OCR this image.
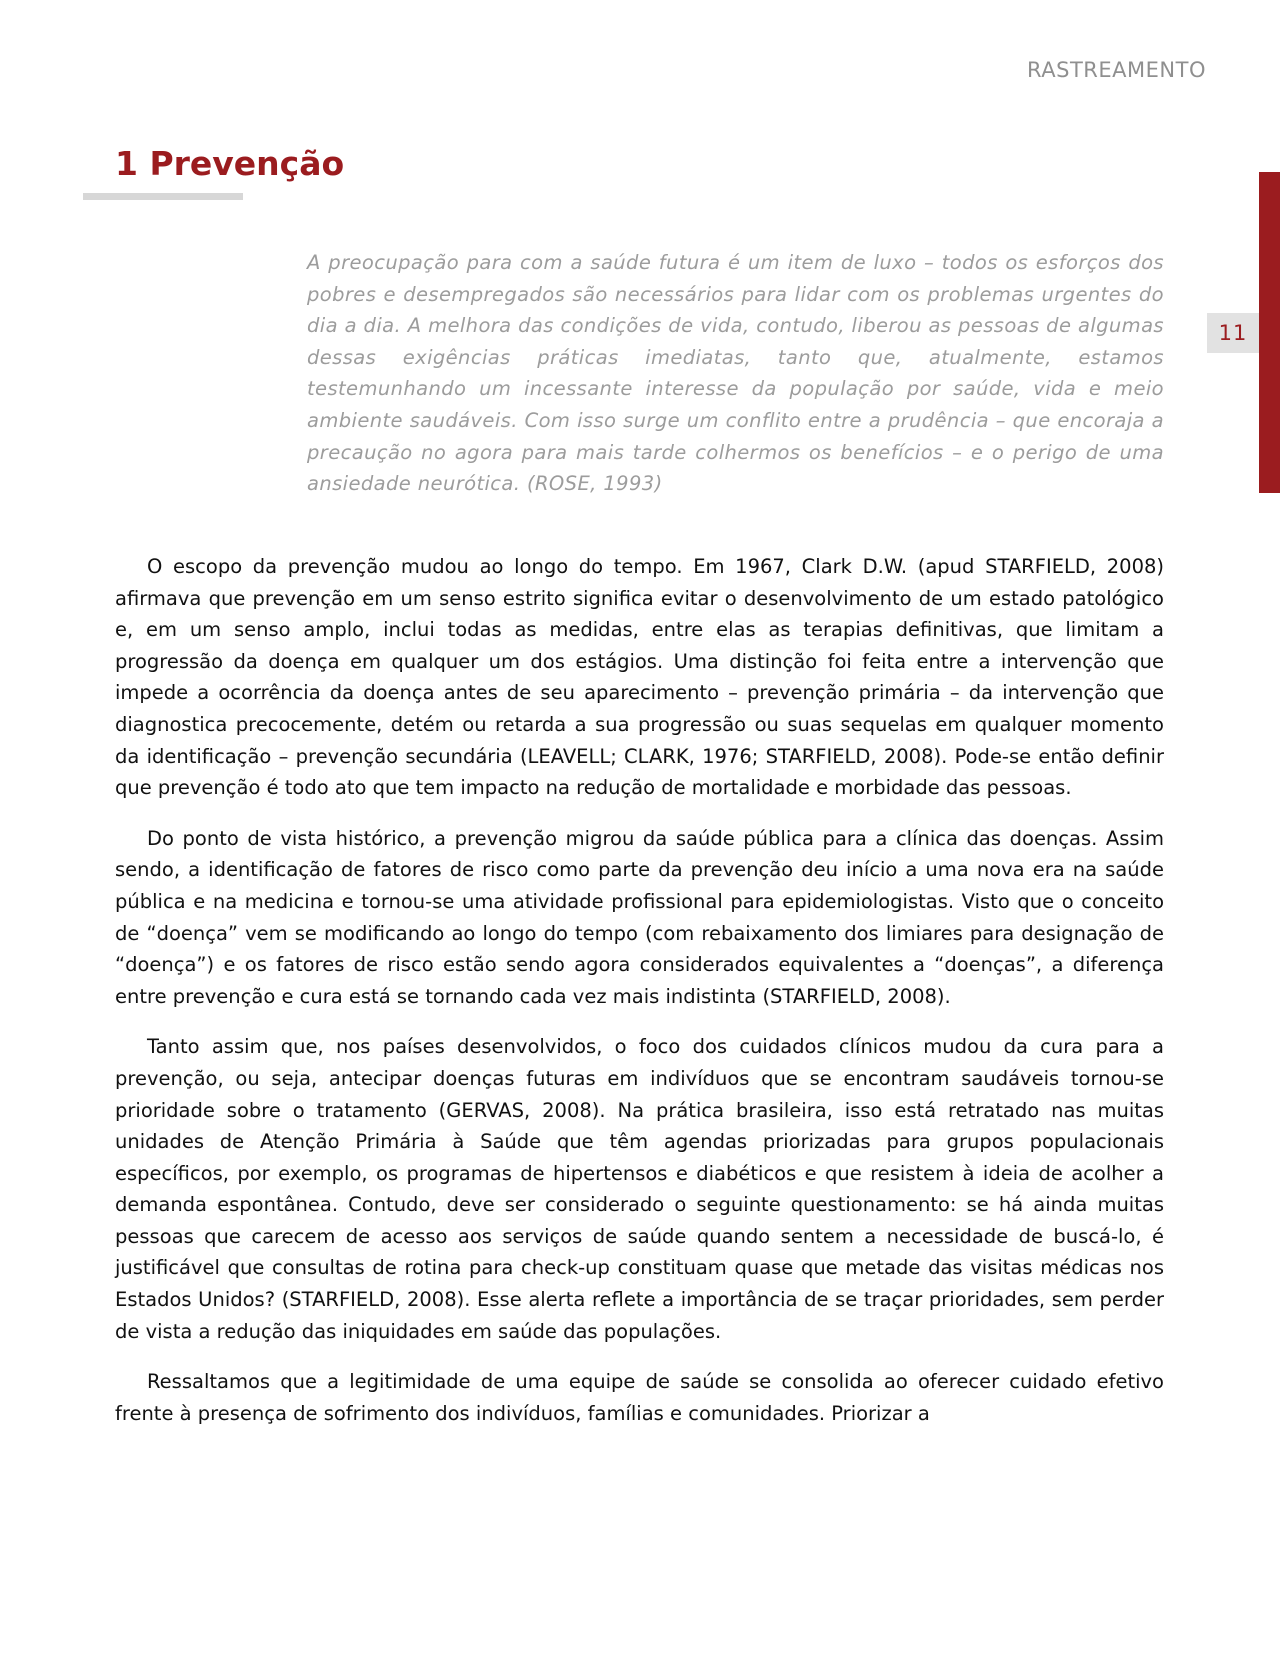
RASTREAMENTO
11
1 Prevenção

A preocupação para com a saúde futura é um item de luxo – todos os esforços dos pobres e desempregados são necessários para lidar com os problemas urgentes do dia a dia. A melhora das condições de vida, contudo, liberou as pessoas de algumas dessas exigências práticas imediatas, tanto que, atualmente, estamos testemunhando um incessante interesse da população por saúde, vida e meio ambiente saudáveis. Com isso surge um conflito entre a prudência – que encoraja a precaução no agora para mais tarde colhermos os benefícios – e o perigo de uma ansiedade neurótica. (ROSE, 1993)

O escopo da prevenção mudou ao longo do tempo. Em 1967, Clark D.W. (apud STARFIELD, 2008) afirmava que prevenção em um senso estrito significa evitar o desenvolvimento de um estado patológico e, em um senso amplo, inclui todas as medidas, entre elas as terapias definitivas, que limitam a progressão da doença em qualquer um dos estágios. Uma distinção foi feita entre a intervenção que impede a ocorrência da doença antes de seu aparecimento – prevenção primária – da intervenção que diagnostica precocemente, detém ou retarda a sua progressão ou suas sequelas em qualquer momento da identificação – prevenção secundária (LEAVELL; CLARK, 1976; STARFIELD, 2008). Pode-se então definir que prevenção é todo ato que tem impacto na redução de mortalidade e morbidade das pessoas.

Do ponto de vista histórico, a prevenção migrou da saúde pública para a clínica das doenças. Assim sendo, a identificação de fatores de risco como parte da prevenção deu início a uma nova era na saúde pública e na medicina e tornou-se uma atividade profissional para epidemiologistas. Visto que o conceito de “doença” vem se modificando ao longo do tempo (com rebaixamento dos limiares para designação de “doença”) e os fatores de risco estão sendo agora considerados equivalentes a “doenças”, a diferença entre prevenção e cura está se tornando cada vez mais indistinta (STARFIELD, 2008).

Tanto assim que, nos países desenvolvidos, o foco dos cuidados clínicos mudou da cura para a prevenção, ou seja, antecipar doenças futuras em indivíduos que se encontram saudáveis tornou-se prioridade sobre o tratamento (GERVAS, 2008). Na prática brasileira, isso está retratado nas muitas unidades de Atenção Primária à Saúde que têm agendas priorizadas para grupos populacionais específicos, por exemplo, os programas de hipertensos e diabéticos e que resistem à ideia de acolher a demanda espontânea. Contudo, deve ser considerado o seguinte questionamento: se há ainda muitas pessoas que carecem de acesso aos serviços de saúde quando sentem a necessidade de buscá-lo, é justificável que consultas de rotina para check-up constituam quase que metade das visitas médicas nos Estados Unidos? (STARFIELD, 2008). Esse alerta reflete a importância de se traçar prioridades, sem perder de vista a redução das iniquidades em saúde das populações.

Ressaltamos que a legitimidade de uma equipe de saúde se consolida ao oferecer cuidado efetivo frente à presença de sofrimento dos indivíduos, famílias e comunidades. Priorizar a
